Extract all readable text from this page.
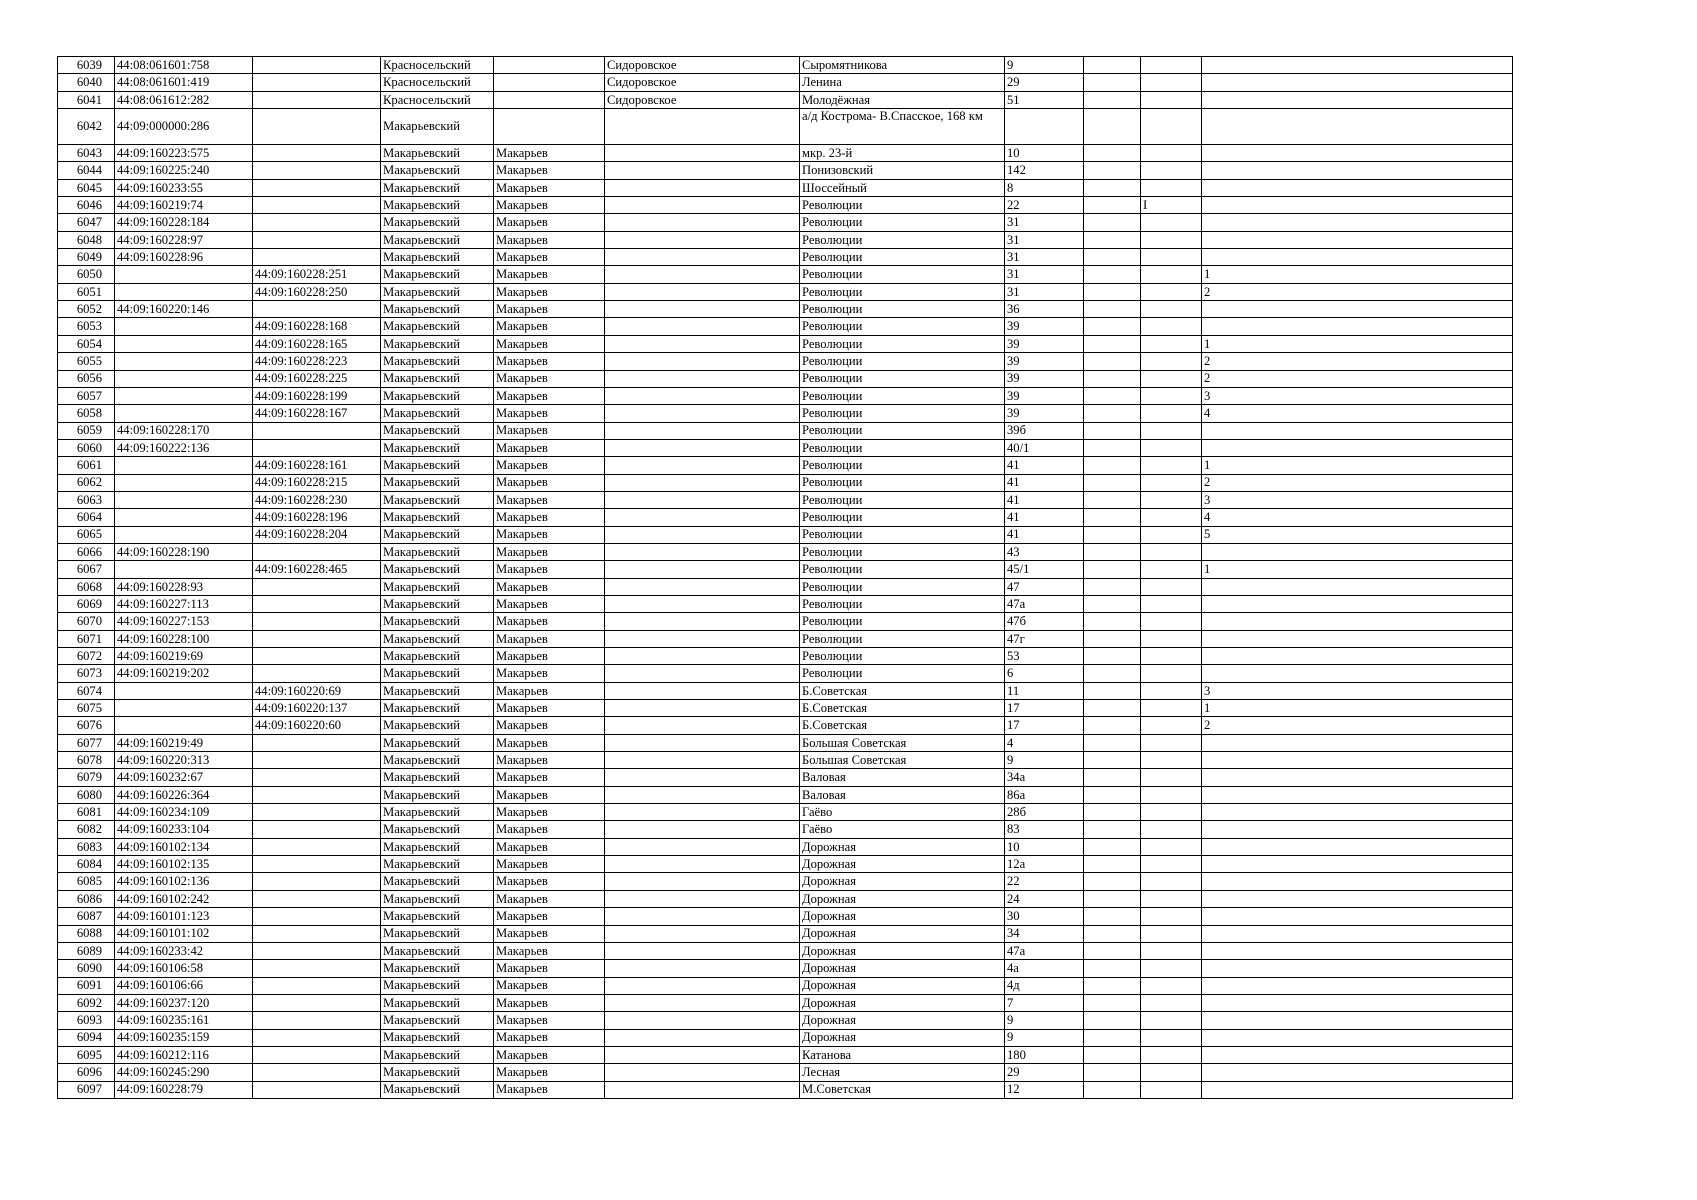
6039	44:08:061601:758		Красносельский		Сидоровское	Сыромятникова	9			
6040	44:08:061601:419		Красносельский		Сидоровское	Ленина	29			
6041	44:08:061612:282		Красносельский		Сидоровское	Молодёжная	51			
6042	44:09:000000:286		Макарьевский			а/д Кострома- В.Спасское, 168 км				
6043	44:09:160223:575		Макарьевский	Макарьев		мкр. 23-й	10			
6044	44:09:160225:240		Макарьевский	Макарьев		Понизовский	142			
6045	44:09:160233:55		Макарьевский	Макарьев		Шоссейный	8			
6046	44:09:160219:74		Макарьевский	Макарьев		Революции	22		I	
6047	44:09:160228:184		Макарьевский	Макарьев		Революции	31			
6048	44:09:160228:97		Макарьевский	Макарьев		Революции	31			
6049	44:09:160228:96		Макарьевский	Макарьев		Революции	31			
6050		44:09:160228:251	Макарьевский	Макарьев		Революции	31			1
6051		44:09:160228:250	Макарьевский	Макарьев		Революции	31			2
6052	44:09:160220:146		Макарьевский	Макарьев		Революции	36			
6053		44:09:160228:168	Макарьевский	Макарьев		Революции	39			
6054		44:09:160228:165	Макарьевский	Макарьев		Революции	39			1
6055		44:09:160228:223	Макарьевский	Макарьев		Революции	39			2
6056		44:09:160228:225	Макарьевский	Макарьев		Революции	39			2
6057		44:09:160228:199	Макарьевский	Макарьев		Революции	39			3
6058		44:09:160228:167	Макарьевский	Макарьев		Революции	39			4
6059	44:09:160228:170		Макарьевский	Макарьев		Революции	39б			
6060	44:09:160222:136		Макарьевский	Макарьев		Революции	40/1			
6061		44:09:160228:161	Макарьевский	Макарьев		Революции	41			1
6062		44:09:160228:215	Макарьевский	Макарьев		Революции	41			2
6063		44:09:160228:230	Макарьевский	Макарьев		Революции	41			3
6064		44:09:160228:196	Макарьевский	Макарьев		Революции	41			4
6065		44:09:160228:204	Макарьевский	Макарьев		Революции	41			5
6066	44:09:160228:190		Макарьевский	Макарьев		Революции	43			
6067		44:09:160228:465	Макарьевский	Макарьев		Революции	45/1			1
6068	44:09:160228:93		Макарьевский	Макарьев		Революции	47			
6069	44:09:160227:113		Макарьевский	Макарьев		Революции	47а			
6070	44:09:160227:153		Макарьевский	Макарьев		Революции	47б			
6071	44:09:160228:100		Макарьевский	Макарьев		Революции	47г			
6072	44:09:160219:69		Макарьевский	Макарьев		Революции	53			
6073	44:09:160219:202		Макарьевский	Макарьев		Революции	6			
6074		44:09:160220:69	Макарьевский	Макарьев		Б.Советская	11			3
6075		44:09:160220:137	Макарьевский	Макарьев		Б.Советская	17			1
6076		44:09:160220:60	Макарьевский	Макарьев		Б.Советская	17			2
6077	44:09:160219:49		Макарьевский	Макарьев		Большая Советская	4			
6078	44:09:160220:313		Макарьевский	Макарьев		Большая Советская	9			
6079	44:09:160232:67		Макарьевский	Макарьев		Валовая	34а			
6080	44:09:160226:364		Макарьевский	Макарьев		Валовая	86а			
6081	44:09:160234:109		Макарьевский	Макарьев		Гаёво	28б			
6082	44:09:160233:104		Макарьевский	Макарьев		Гаёво	83			
6083	44:09:160102:134		Макарьевский	Макарьев		Дорожная	10			
6084	44:09:160102:135		Макарьевский	Макарьев		Дорожная	12а			
6085	44:09:160102:136		Макарьевский	Макарьев		Дорожная	22			
6086	44:09:160102:242		Макарьевский	Макарьев		Дорожная	24			
6087	44:09:160101:123		Макарьевский	Макарьев		Дорожная	30			
6088	44:09:160101:102		Макарьевский	Макарьев		Дорожная	34			
6089	44:09:160233:42		Макарьевский	Макарьев		Дорожная	47а			
6090	44:09:160106:58		Макарьевский	Макарьев		Дорожная	4а			
6091	44:09:160106:66		Макарьевский	Макарьев		Дорожная	4д			
6092	44:09:160237:120		Макарьевский	Макарьев		Дорожная	7			
6093	44:09:160235:161		Макарьевский	Макарьев		Дорожная	9			
6094	44:09:160235:159		Макарьевский	Макарьев		Дорожная	9			
6095	44:09:160212:116		Макарьевский	Макарьев		Катанова	180			
6096	44:09:160245:290		Макарьевский	Макарьев		Лесная	29			
6097	44:09:160228:79		Макарьевский	Макарьев		М.Советская	12			
